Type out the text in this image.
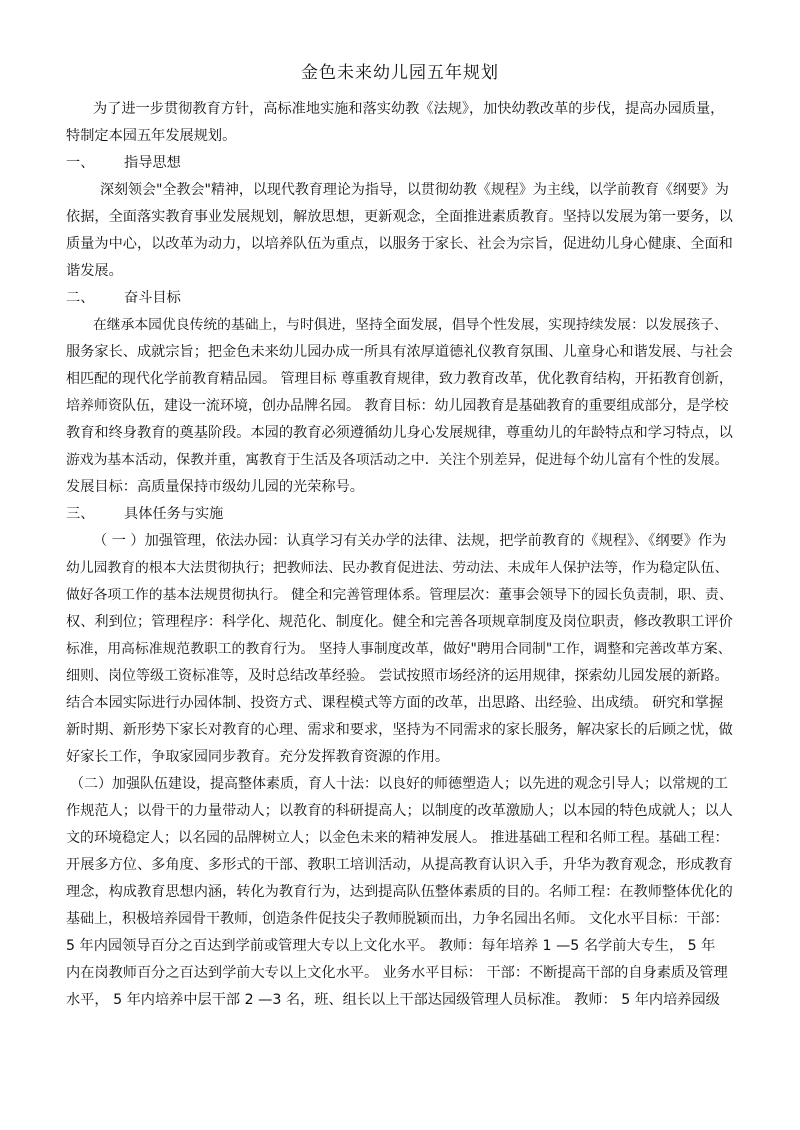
金色未来幼儿园五年规划
为了进一步贯彻教育方针，高标准地实施和落实幼教《法规》，加快幼教改革的步伐，提高办园质量，
特制定本园五年发展规划。
一、 指导思想
深刻领会"全教会"精神，以现代教育理论为指导，以贯彻幼教《规程》为主线，以学前教育《纲要》为
依据，全面落实教育事业发展规划，解放思想，更新观念，全面推进素质教育。坚持以发展为第一要务，以
质量为中心，以改革为动力，以培养队伍为重点，以服务于家长、社会为宗旨，促进幼儿身心健康、全面和
谐发展。
二、 奋斗目标
在继承本园优良传统的基础上，与时俱进，坚持全面发展，倡导个性发展，实现持续发展：以发展孩子、
服务家长、成就宗旨；把金色未来幼儿园办成一所具有浓厚道德礼仪教育氛围、儿童身心和谐发展、与社会
相匹配的现代化学前教育精品园。 管理目标 尊重教育规律，致力教育改革，优化教育结构，开拓教育创新，
培养师资队伍，建设一流环境，创办品牌名园。 教育目标：幼儿园教育是基础教育的重要组成部分，是学校
教育和终身教育的奠基阶段。本园的教育必须遵循幼儿身心发展规律，尊重幼儿的年龄特点和学习特点，以
游戏为基本活动，保教并重，寓教育于生活及各项活动之中．关注个别差异，促进每个幼儿富有个性的发展。
发展目标：高质量保持市级幼儿园的光荣称号。
三、 具体任务与实施
（ 一 ）加强管理，依法办园：认真学习有关办学的法律、法规，把学前教育的《规程》、《纲要》作为
幼儿园教育的根本大法贯彻执行；把教师法、民办教育促进法、劳动法、未成年人保护法等，作为稳定队伍、
做好各项工作的基本法规贯彻执行。 健全和完善管理体系。管理层次：董事会领导下的园长负责制，职、责、
权、利到位；管理程序：科学化、规范化、制度化。健全和完善各项规章制度及岗位职责，修改教职工评价
标准，用高标准规范教职工的教育行为。 坚持人事制度改革，做好"聘用合同制"工作，调整和完善改革方案、
细则、岗位等级工资标准等，及时总结改革经验。 尝试按照市场经济的运用规律，探索幼儿园发展的新路。
结合本园实际进行办园体制、投资方式、课程模式等方面的改革，出思路、出经验、出成绩。 研究和掌握
新时期、新形势下家长对教育的心理、需求和要求，坚持为不同需求的家长服务，解决家长的后顾之忧，做
好家长工作，争取家园同步教育。充分发挥教育资源的作用。
（二）加强队伍建设，提高整体素质，育人十法：以良好的师德塑造人；以先进的观念引导人；以常规的工
作规范人；以骨干的力量带动人；以教育的科研提高人；以制度的改革激励人；以本园的特色成就人；以人
文的环境稳定人；以名园的品牌树立人；以金色未来的精神发展人。 推进基础工程和名师工程。基础工程：
开展多方位、多角度、多形式的干部、教职工培训活动，从提高教育认识入手，升华为教育观念，形成教育
理念，构成教育思想内涵，转化为教育行为，达到提高队伍整体素质的目的。名师工程：在教师整体优化的
基础上，积极培养园骨干教师，创造条件促技尖子教师脱颖而出，力争名园出名师。 文化水平目标：干部：
5 年内园领导百分之百达到学前或管理大专以上文化水平。 教师：每年培养 1 —5 名学前大专生， 5 年
内在岗教师百分之百达到学前大专以上文化水平。 业务水平目标： 干部：不断提高干部的自身素质及管理
水平， 5 年内培养中层干部 2 —3 名，班、组长以上干部达园级管理人员标准。 教师： 5 年内培养园级
